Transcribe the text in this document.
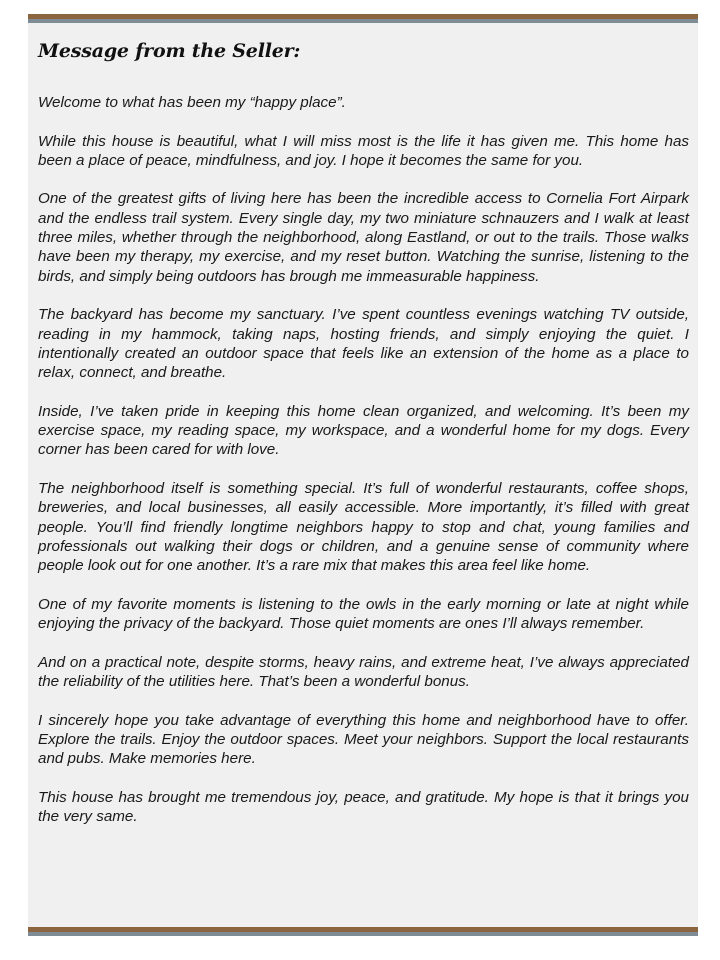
Message from the Seller:

Welcome to what has been my “happy place”.

While this house is beautiful, what I will miss most is the life it has given me. This home has been a place of peace, mindfulness, and joy. I hope it becomes the same for you.

One of the greatest gifts of living here has been the incredible access to Cornelia Fort Airpark and the endless trail system. Every single day, my two miniature schnauzers and I walk at least three miles, whether through the neighborhood, along Eastland, or out to the trails. Those walks have been my therapy, my exercise, and my reset button. Watching the sunrise, listening to the birds, and simply being outdoors has brough me immeasurable happiness.

The backyard has become my sanctuary. I’ve spent countless evenings watching TV outside, reading in my hammock, taking naps, hosting friends, and simply enjoying the quiet. I intentionally created an outdoor space that feels like an extension of the home as a place to relax, connect, and breathe.

Inside, I’ve taken pride in keeping this home clean organized, and welcoming. It’s been my exercise space, my reading space, my workspace, and a wonderful home for my dogs. Every corner has been cared for with love.

The neighborhood itself is something special. It’s full of wonderful restaurants, coffee shops, breweries, and local businesses, all easily accessible. More importantly, it’s filled with great people. You’ll find friendly longtime neighbors happy to stop and chat, young families and professionals out walking their dogs or children, and a genuine sense of community where people look out for one another. It’s a rare mix that makes this area feel like home.

One of my favorite moments is listening to the owls in the early morning or late at night while enjoying the privacy of the backyard. Those quiet moments are ones I’ll always remember.

And on a practical note, despite storms, heavy rains, and extreme heat, I’ve always appreciated the reliability of the utilities here. That’s been a wonderful bonus.

I sincerely hope you take advantage of everything this home and neighborhood have to offer. Explore the trails. Enjoy the outdoor spaces. Meet your neighbors. Support the local restaurants and pubs. Make memories here.

This house has brought me tremendous joy, peace, and gratitude. My hope is that it brings you the very same.
